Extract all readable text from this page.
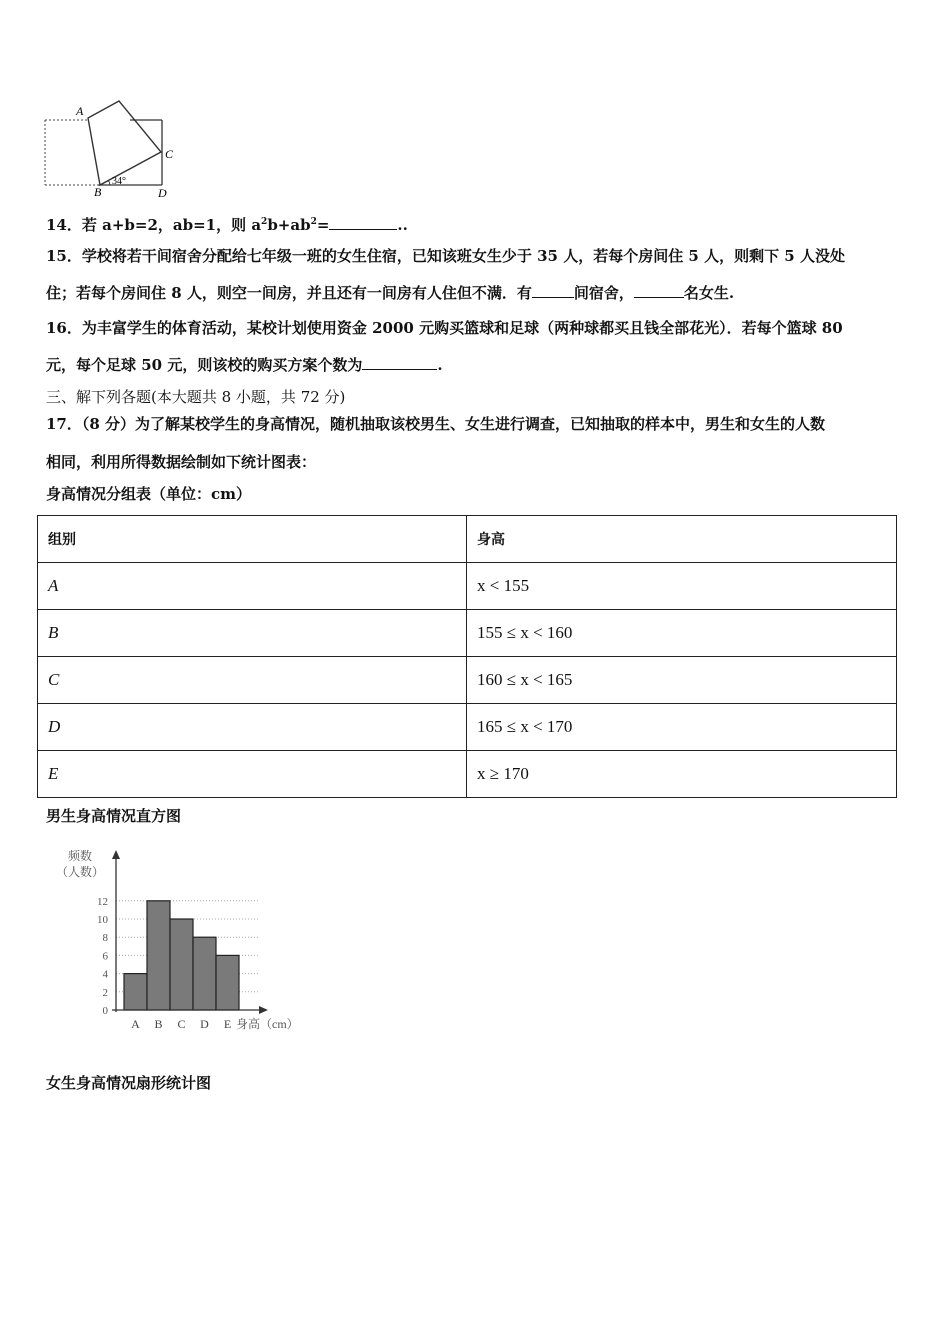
A
C
B	D
34°
14．若 a+b=2，ab=1，则 $a^2b+ab^2=$	..
15．学校将若干间宿舍分配给七年级一班的女生住宿，已知该班女生少于 35 人，若每个房间住 5 人，则剩下 5 人没处
住；若每个房间住 8 人，则空一间房，并且还有一间房有人住但不满．有	间宿舍，	名女生.
16．为丰富学生的体育活动，某校计划使用资金 2000 元购买篮球和足球（两种球都买且钱全部花光）．若每个篮球 80
元，每个足球 50 元，则该校的购买方案个数为	.
三、解下列各题(本大题共 8 小题，共 72 分)
17．（8 分）为了解某校学生的身高情况，随机抽取该校男生、女生进行调查，已知抽取的样本中，男生和女生的人数
相同，利用所得数据绘制如下统计图表：
身高情况分组表（单位：cm）
组别	身高
A	x < 155
B	155 ≤ x < 160
C	160 ≤ x < 165
D	165 ≤ x < 170
E	x ≥ 170
男生身高情况直方图
0
2
4
6
8
10
12
A B C D E
频数
（人数）
身高（cm）
女生身高情况扇形统计图
